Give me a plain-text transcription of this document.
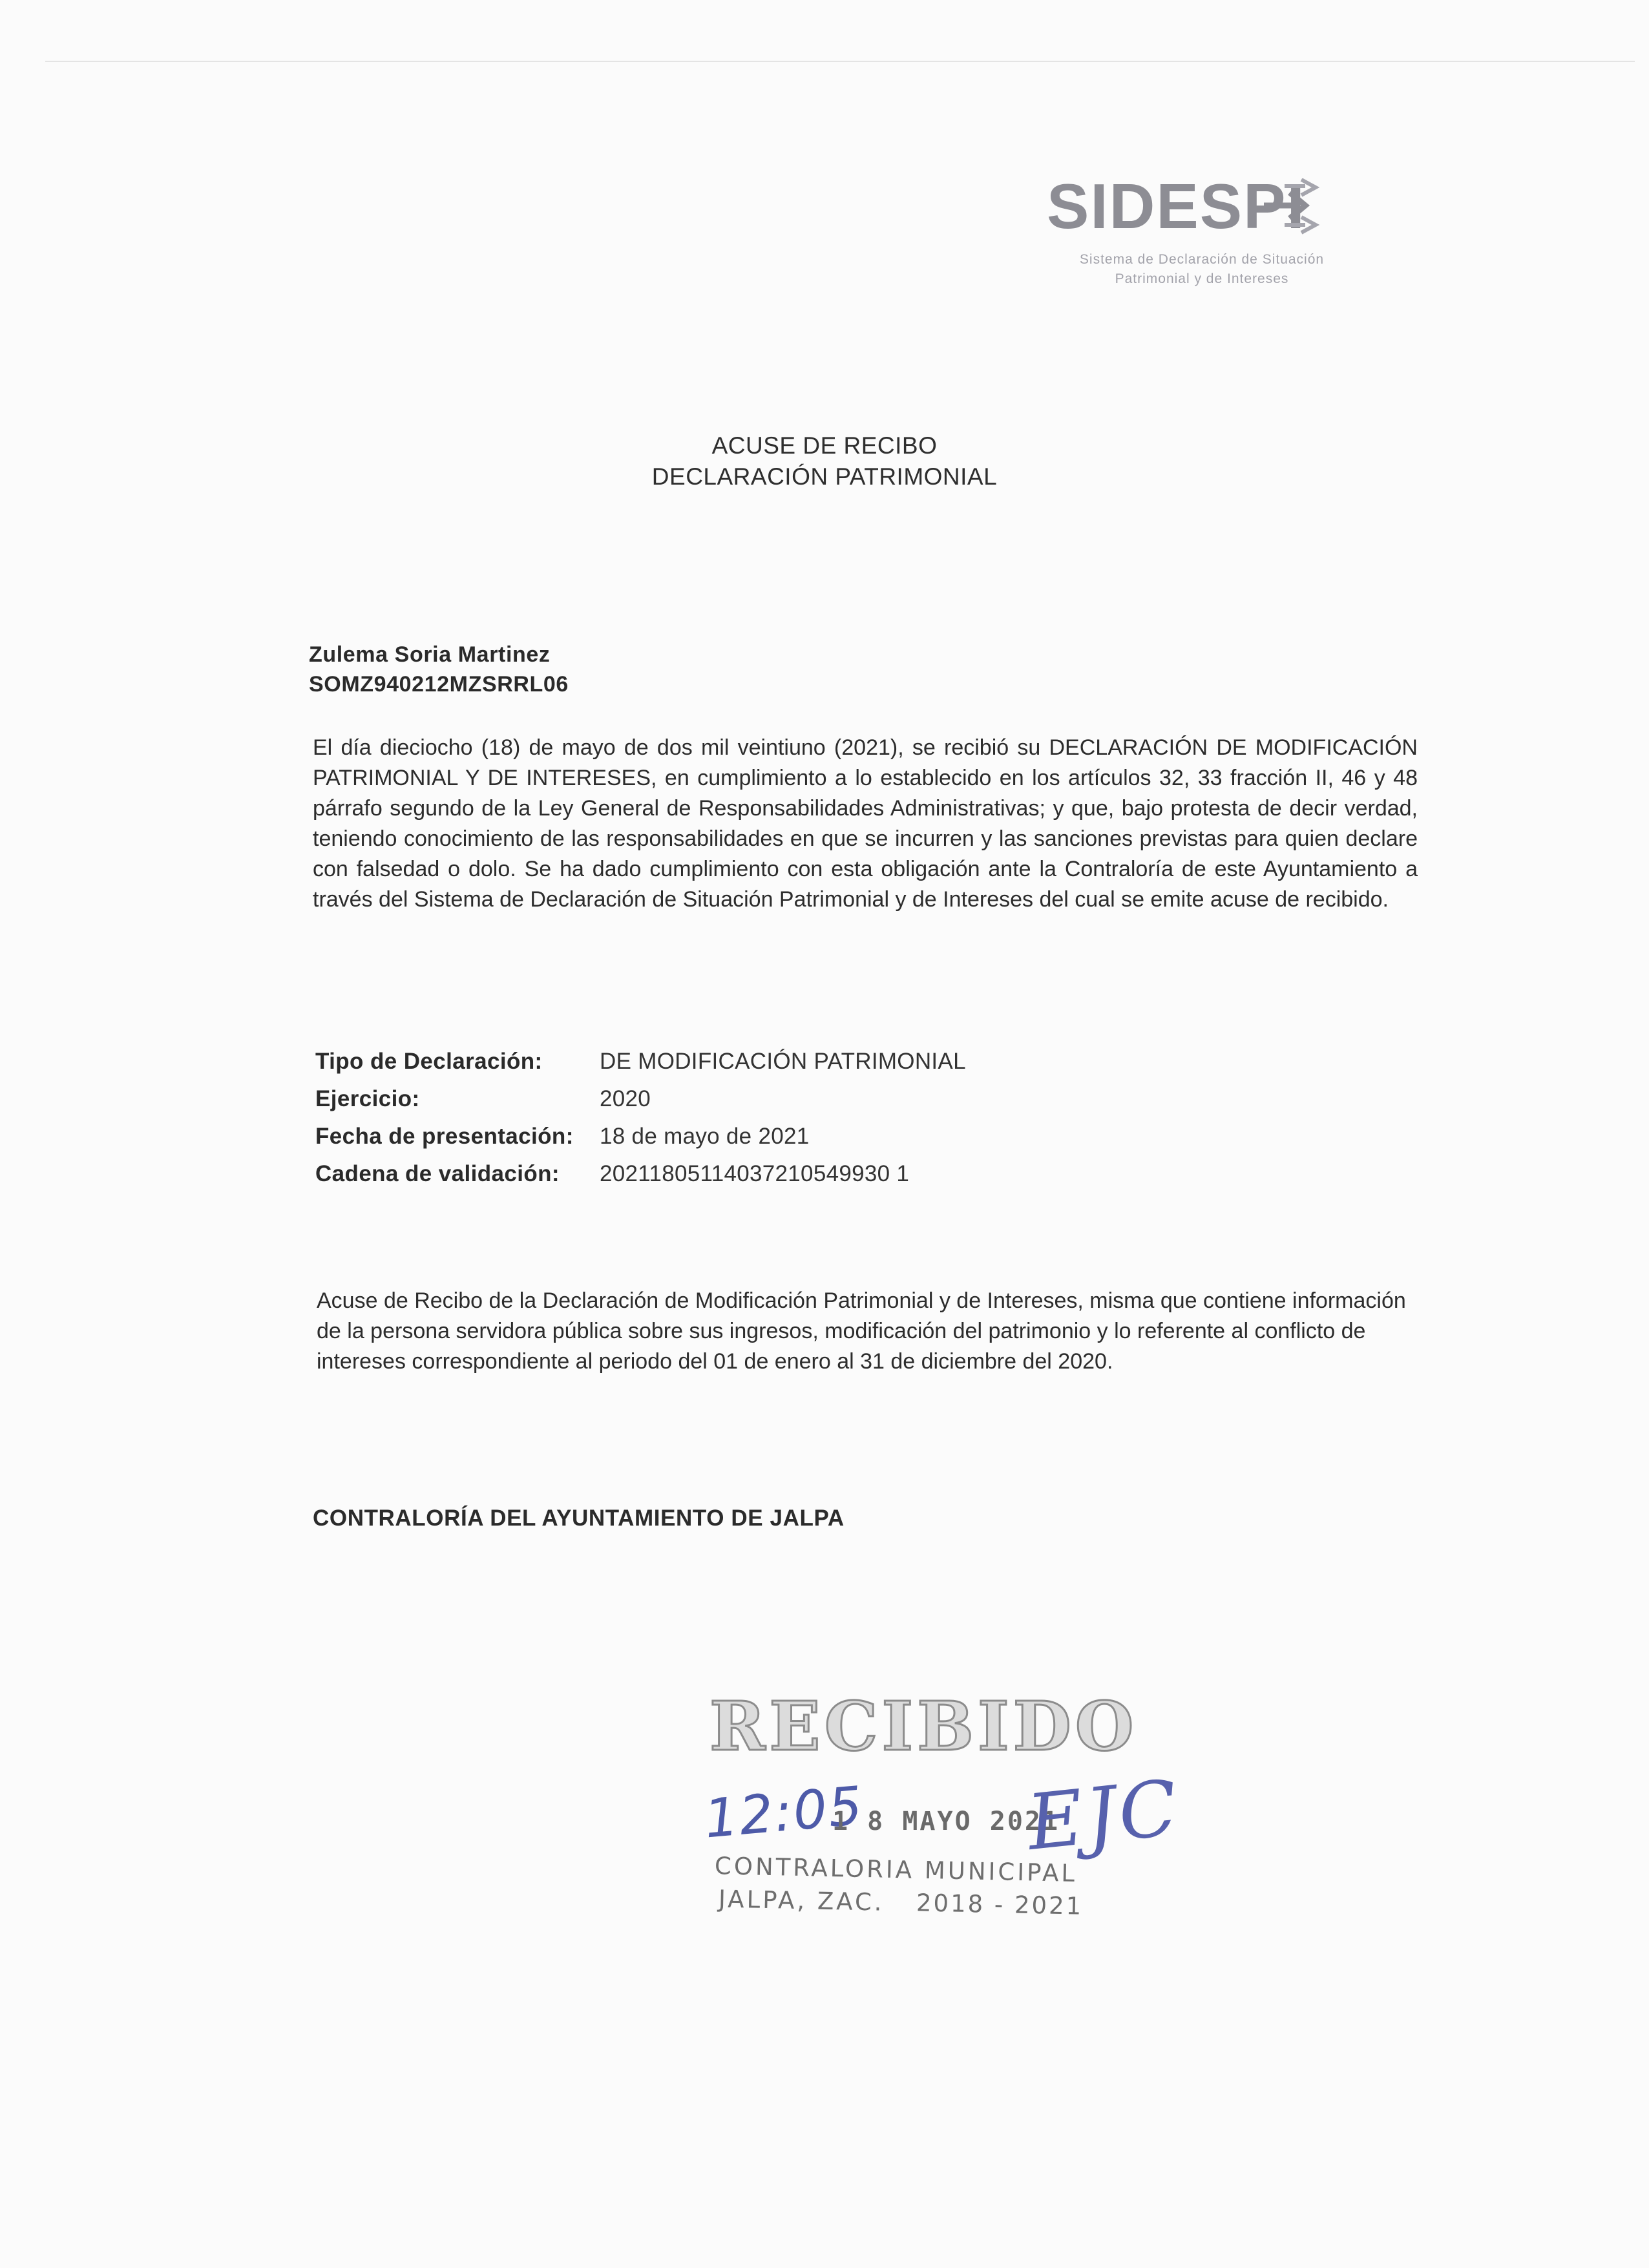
SIDESPI
Sistema de Declaración de Situación
Patrimonial y de Intereses
ACUSE DE RECIBO
DECLARACIÓN PATRIMONIAL
Zulema Soria Martinez
SOMZ940212MZSRRL06
El día dieciocho (18) de mayo de dos mil veintiuno (2021), se recibió su DECLARACIÓN DE MODIFICACIÓN PATRIMONIAL Y DE INTERESES, en cumplimiento a lo establecido en los artículos 32, 33 fracción II, 46 y 48 párrafo segundo de la Ley General de Responsabilidades Administrativas; y que, bajo protesta de decir verdad, teniendo conocimiento de las responsabilidades en que se incurren y las sanciones previstas para quien declare con falsedad o dolo. Se ha dado cumplimiento con esta obligación ante la Contraloría de este Ayuntamiento a través del Sistema de Declaración de Situación Patrimonial y de Intereses del cual se emite acuse de recibido.
Tipo de Declaración:	DE MODIFICACIÓN PATRIMONIAL
Ejercicio:	2020
Fecha de presentación:	18 de mayo de 2021
Cadena de validación:	20211805114037210549930 1
Acuse de Recibo de la Declaración de Modificación Patrimonial y de Intereses, misma que contiene información de la persona servidora pública sobre sus ingresos, modificación del patrimonio y lo referente al conflicto de intereses correspondiente al periodo del 01 de enero al 31 de diciembre del 2020.
CONTRALORÍA DEL AYUNTAMIENTO DE JALPA
RECIBIDO
12:05
1 8 MAYO 2021
EJC
CONTRALORIA MUNICIPAL
JALPA, ZAC. 2018 - 2021
